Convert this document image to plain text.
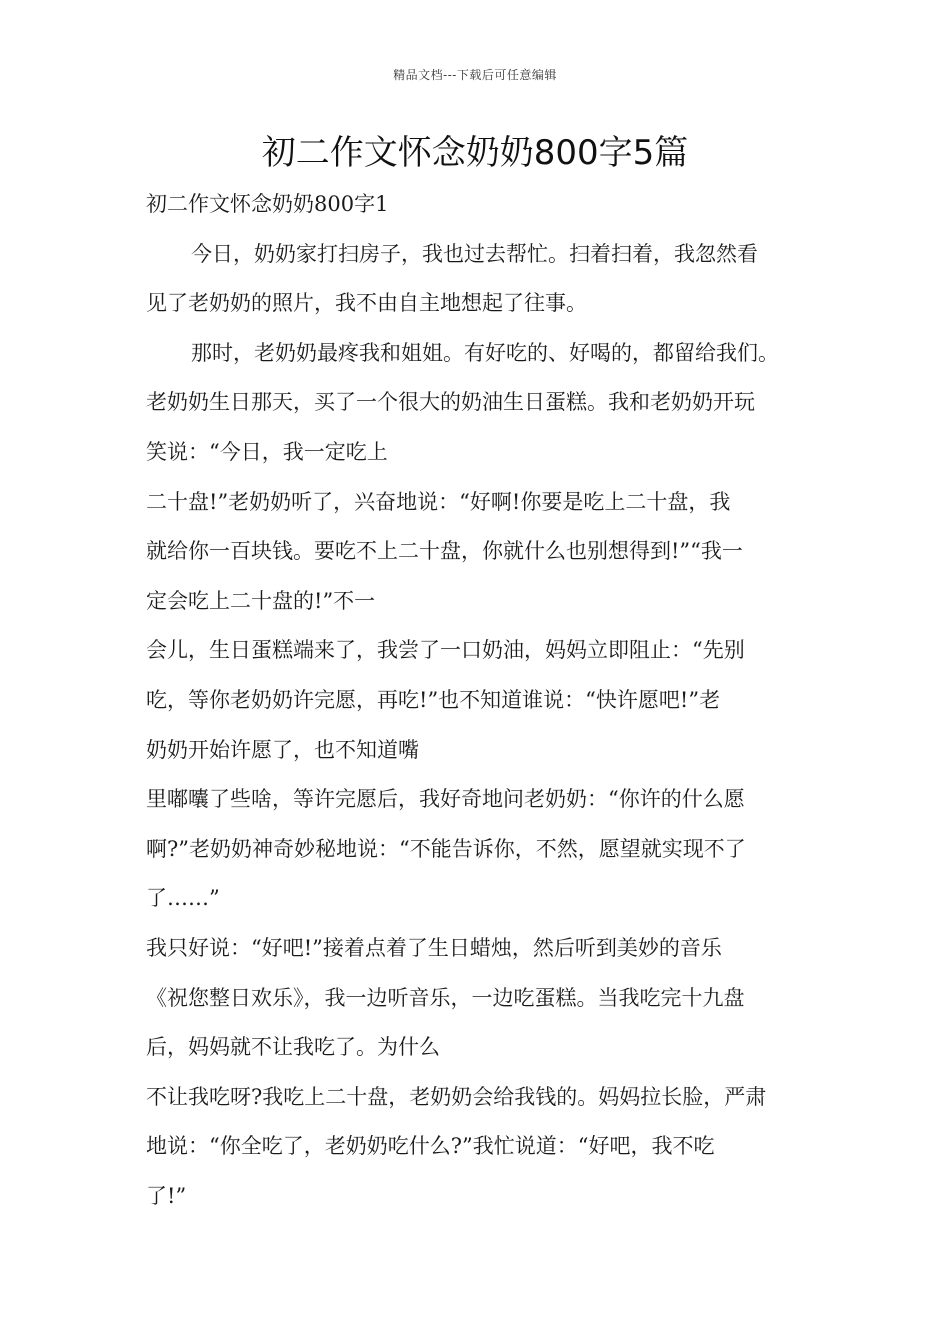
精品文档---下载后可任意编辑
初二作文怀念奶奶800字5篇
初二作文怀念奶奶800字1
今日，奶奶家打扫房子，我也过去帮忙。扫着扫着，我忽然看
见了老奶奶的照片，我不由自主地想起了往事。
那时，老奶奶最疼我和姐姐。有好吃的、好喝的，都留给我们。
老奶奶生日那天，买了一个很大的奶油生日蛋糕。我和老奶奶开玩
笑说：“今日，我一定吃上
二十盘!”老奶奶听了，兴奋地说：“好啊!你要是吃上二十盘，我
就给你一百块钱。要吃不上二十盘，你就什么也别想得到!”“我一
定会吃上二十盘的!”不一
会儿，生日蛋糕端来了，我尝了一口奶油，妈妈立即阻止：“先别
吃，等你老奶奶许完愿，再吃!”也不知道谁说：“快许愿吧!”老
奶奶开始许愿了，也不知道嘴
里嘟囔了些啥，等许完愿后，我好奇地问老奶奶：“你许的什么愿
啊?”老奶奶神奇妙秘地说：“不能告诉你，不然，愿望就实现不了
了……”
我只好说：“好吧!”接着点着了生日蜡烛，然后听到美妙的音乐
《祝您整日欢乐》，我一边听音乐，一边吃蛋糕。当我吃完十九盘
后，妈妈就不让我吃了。为什么
不让我吃呀?我吃上二十盘，老奶奶会给我钱的。妈妈拉长脸，严肃
地说：“你全吃了，老奶奶吃什么?”我忙说道：“好吧，我不吃
了!”
